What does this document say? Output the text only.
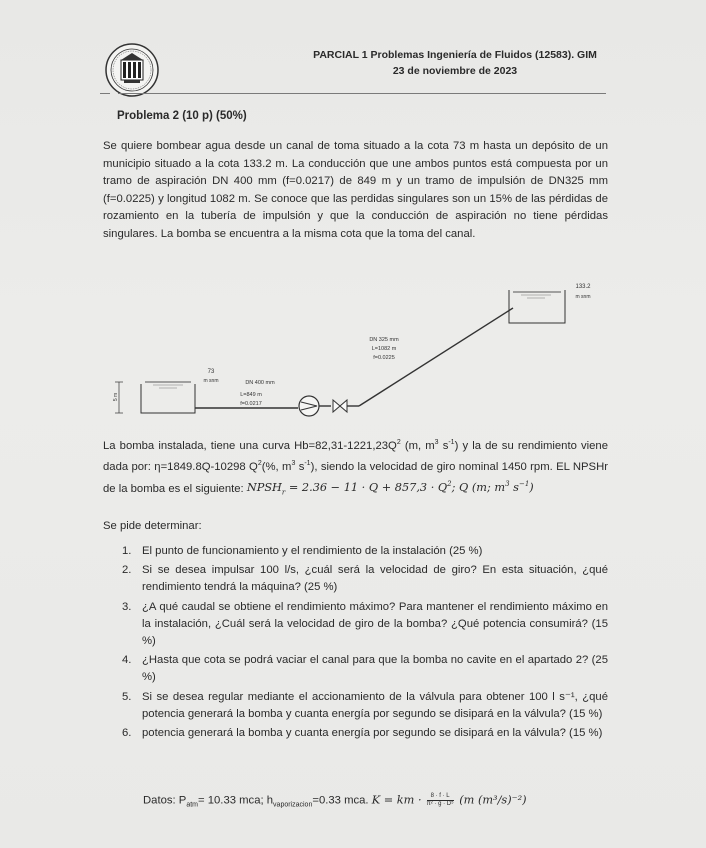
PARCIAL 1 Problemas Ingeniería de Fluidos (12583). GIM
23 de noviembre de 2023
Problema 2 (10 p) (50%)
Se quiere bombear agua desde un canal de toma situado a la cota 73 m hasta un depósito de un municipio situado a la cota 133.2 m. La conducción que une ambos puntos está compuesta por un tramo de aspiración DN 400 mm (f=0.0217) de 849 m y un tramo de impulsión de DN325 mm (f=0.0225) y longitud 1082 m. Se conoce que las perdidas singulares son un 15% de las pérdidas de rozamiento en la tubería de impulsión y que la conducción de aspiración no tiene pérdidas singulares. La bomba se encuentra a la misma cota que la toma del canal.
5 m
73
m snm	DN 400 mm
L=849 m
f=0.0217
DN 325 mm
L=1082 m
f=0.0225
133.2
m snm
La bomba instalada, tiene una curva $Hb=82,31-1221,23Q^2$ (m, $m^3$ $s^{-1}$) y la de su rendimiento viene dada por: η=1849.8Q-10298 $Q^2(\%$, $m^3$ $s^{-1}$), siendo la velocidad de giro nominal 1450 rpm. EL NPSHr de la bomba es el siguiente: $NPSH_r = 2.36 - 11 \cdot Q + 857,3 \cdot Q^2$; Q (m; $m^3$ $s^{-1}$)
Se pide determinar:
1. El punto de funcionamiento y el rendimiento de la instalación (25 %)
2. Si se desea impulsar 100 l/s, ¿cuál será la velocidad de giro? En esta situación, ¿qué rendimiento tendrá la máquina? (25 %)
3. ¿A qué caudal se obtiene el rendimiento máximo? Para mantener el rendimiento máximo en la instalación, ¿Cuál será la velocidad de giro de la bomba? ¿Qué potencia consumirá? (15 %)
4. ¿Hasta que cota se podrá vaciar el canal para que la bomba no cavite en el apartado 2? (25 %)
5. Si se desea regular mediante el accionamiento de la válvula para obtener 100 l s⁻¹, ¿qué potencia generará la bomba y cuanta energía por segundo se disipará en la válvula? (15 %)
6. potencia generará la bomba y cuanta energía por segundo se disipará en la válvula? (15 %)
Datos: $P_{atm}= 10.33$ mca; $h_{vaporizacion}=0.33$ mca. K = km · $\frac{8 \cdot f \cdot L}{\text{π² · g · D⁵}} (m$ (m³/s)⁻²)
